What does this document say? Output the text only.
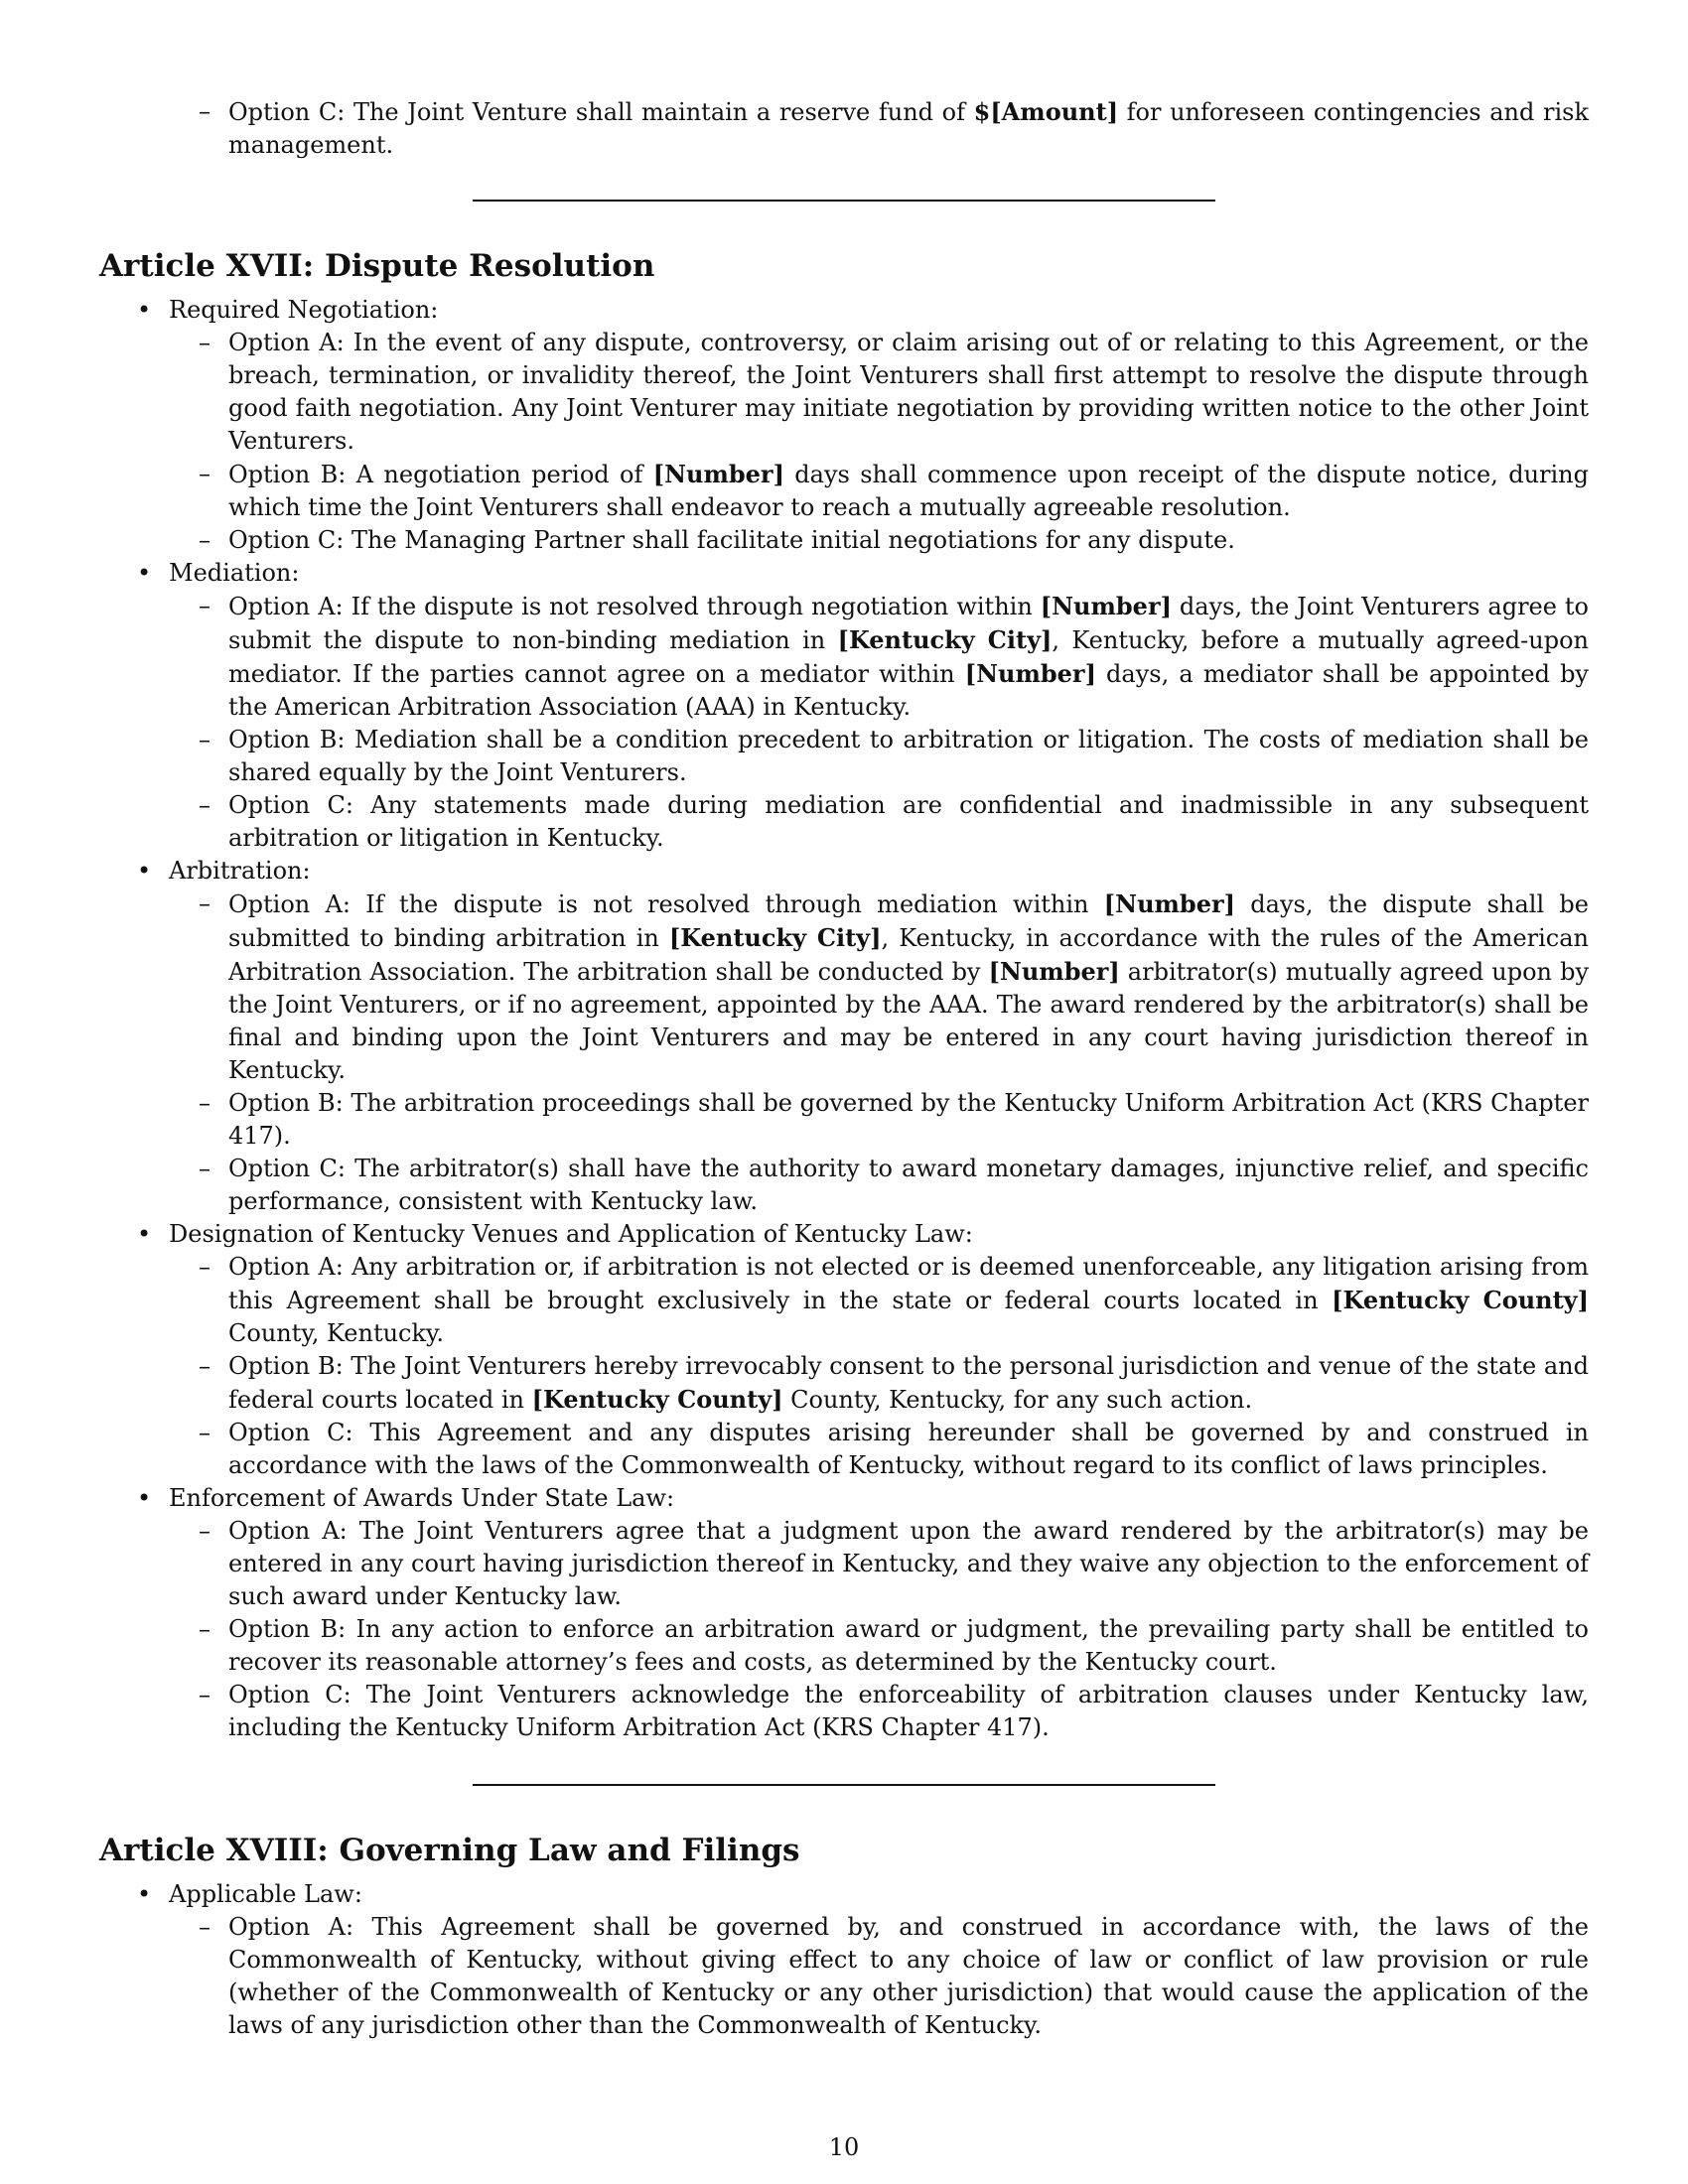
– Option C: The Joint Venture shall maintain a reserve fund of $[Amount] for unforeseen contingencies and risk management.
Article XVII: Dispute Resolution
• Required Negotiation:
– Option A: In the event of any dispute, controversy, or claim arising out of or relating to this Agreement, or the breach, termination, or invalidity thereof, the Joint Venturers shall first attempt to resolve the dispute through good faith negotiation. Any Joint Venturer may initiate negotiation by providing written notice to the other Joint Venturers.
– Option B: A negotiation period of [Number] days shall commence upon receipt of the dispute notice, during which time the Joint Venturers shall endeavor to reach a mutually agreeable resolution.
– Option C: The Managing Partner shall facilitate initial negotiations for any dispute.
• Mediation:
– Option A: If the dispute is not resolved through negotiation within [Number] days, the Joint Venturers agree to submit the dispute to non-binding mediation in [Kentucky City], Kentucky, before a mutually agreed-upon mediator. If the parties cannot agree on a mediator within [Number] days, a mediator shall be appointed by the American Arbitration Association (AAA) in Kentucky.
– Option B: Mediation shall be a condition precedent to arbitration or litigation. The costs of mediation shall be shared equally by the Joint Venturers.
– Option C: Any statements made during mediation are confidential and inadmissible in any subsequent arbitration or litigation in Kentucky.
• Arbitration:
– Option A: If the dispute is not resolved through mediation within [Number] days, the dispute shall be submitted to binding arbitration in [Kentucky City], Kentucky, in accordance with the rules of the American Arbitration Association. The arbitration shall be conducted by [Number] arbitrator(s) mutually agreed upon by the Joint Venturers, or if no agreement, appointed by the AAA. The award rendered by the arbitrator(s) shall be final and binding upon the Joint Venturers and may be entered in any court having jurisdiction thereof in Kentucky.
– Option B: The arbitration proceedings shall be governed by the Kentucky Uniform Arbitration Act (KRS Chapter 417).
– Option C: The arbitrator(s) shall have the authority to award monetary damages, injunctive relief, and specific performance, consistent with Kentucky law.
• Designation of Kentucky Venues and Application of Kentucky Law:
– Option A: Any arbitration or, if arbitration is not elected or is deemed unenforceable, any litigation arising from this Agreement shall be brought exclusively in the state or federal courts located in [Kentucky County] County, Kentucky.
– Option B: The Joint Venturers hereby irrevocably consent to the personal jurisdiction and venue of the state and federal courts located in [Kentucky County] County, Kentucky, for any such action.
– Option C: This Agreement and any disputes arising hereunder shall be governed by and construed in accordance with the laws of the Commonwealth of Kentucky, without regard to its conflict of laws principles.
• Enforcement of Awards Under State Law:
– Option A: The Joint Venturers agree that a judgment upon the award rendered by the arbitrator(s) may be entered in any court having jurisdiction thereof in Kentucky, and they waive any objection to the enforcement of such award under Kentucky law.
– Option B: In any action to enforce an arbitration award or judgment, the prevailing party shall be entitled to recover its reasonable attorney’s fees and costs, as determined by the Kentucky court.
– Option C: The Joint Venturers acknowledge the enforceability of arbitration clauses under Kentucky law, including the Kentucky Uniform Arbitration Act (KRS Chapter 417).
Article XVIII: Governing Law and Filings
• Applicable Law:
– Option A: This Agreement shall be governed by, and construed in accordance with, the laws of the Commonwealth of Kentucky, without giving effect to any choice of law or conflict of law provision or rule (whether of the Commonwealth of Kentucky or any other jurisdiction) that would cause the application of the laws of any jurisdiction other than the Commonwealth of Kentucky.
10
